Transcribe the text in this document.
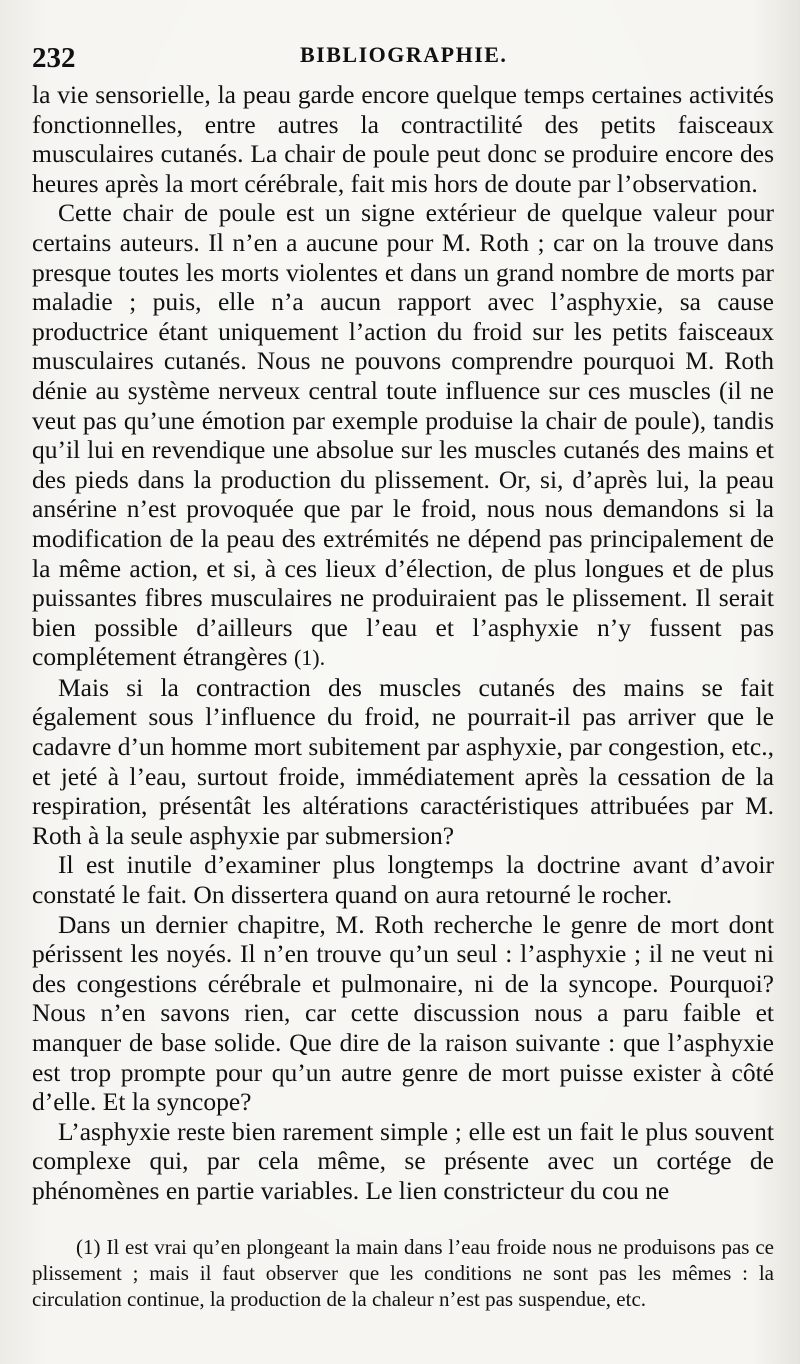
232	BIBLIOGRAPHIE.

la vie sensorielle, la peau garde encore quelque temps certaines activités fonctionnelles, entre autres la contractilité des petits faisceaux musculaires cutanés. La chair de poule peut donc se produire encore des heures après la mort cérébrale, fait mis hors de doute par l’observation.

Cette chair de poule est un signe extérieur de quelque valeur pour certains auteurs. Il n’en a aucune pour M. Roth ; car on la trouve dans presque toutes les morts violentes et dans un grand nombre de morts par maladie ; puis, elle n’a aucun rapport avec l’asphyxie, sa cause productrice étant uniquement l’action du froid sur les petits faisceaux musculaires cutanés. Nous ne pouvons comprendre pourquoi M. Roth dénie au système nerveux central toute influence sur ces muscles (il ne veut pas qu’une émotion par exemple produise la chair de poule), tandis qu’il lui en revendique une absolue sur les muscles cutanés des mains et des pieds dans la production du plissement. Or, si, d’après lui, la peau ansérine n’est provoquée que par le froid, nous nous demandons si la modification de la peau des extrémités ne dépend pas principalement de la même action, et si, à ces lieux d’élection, de plus longues et de plus puissantes fibres musculaires ne produiraient pas le plissement. Il serait bien possible d’ailleurs que l’eau et l’asphyxie n’y fussent pas complétement étrangères (1).

Mais si la contraction des muscles cutanés des mains se fait également sous l’influence du froid, ne pourrait-il pas arriver que le cadavre d’un homme mort subitement par asphyxie, par congestion, etc., et jeté à l’eau, surtout froide, immédiatement après la cessation de la respiration, présentât les altérations caractéristiques attribuées par M. Roth à la seule asphyxie par submersion?

Il est inutile d’examiner plus longtemps la doctrine avant d’avoir constaté le fait. On dissertera quand on aura retourné le rocher.

Dans un dernier chapitre, M. Roth recherche le genre de mort dont périssent les noyés. Il n’en trouve qu’un seul : l’asphyxie ; il ne veut ni des congestions cérébrale et pulmonaire, ni de la syncope. Pourquoi? Nous n’en savons rien, car cette discussion nous a paru faible et manquer de base solide. Que dire de la raison suivante : que l’asphyxie est trop prompte pour qu’un autre genre de mort puisse exister à côté d’elle. Et la syncope?

L’asphyxie reste bien rarement simple ; elle est un fait le plus souvent complexe qui, par cela même, se présente avec un cortége de phénomènes en partie variables. Le lien constricteur du cou ne

(1) Il est vrai qu’en plongeant la main dans l’eau froide nous ne produisons pas ce plissement ; mais il faut observer que les conditions ne sont pas les mêmes : la circulation continue, la production de la chaleur n’est pas suspendue, etc.
